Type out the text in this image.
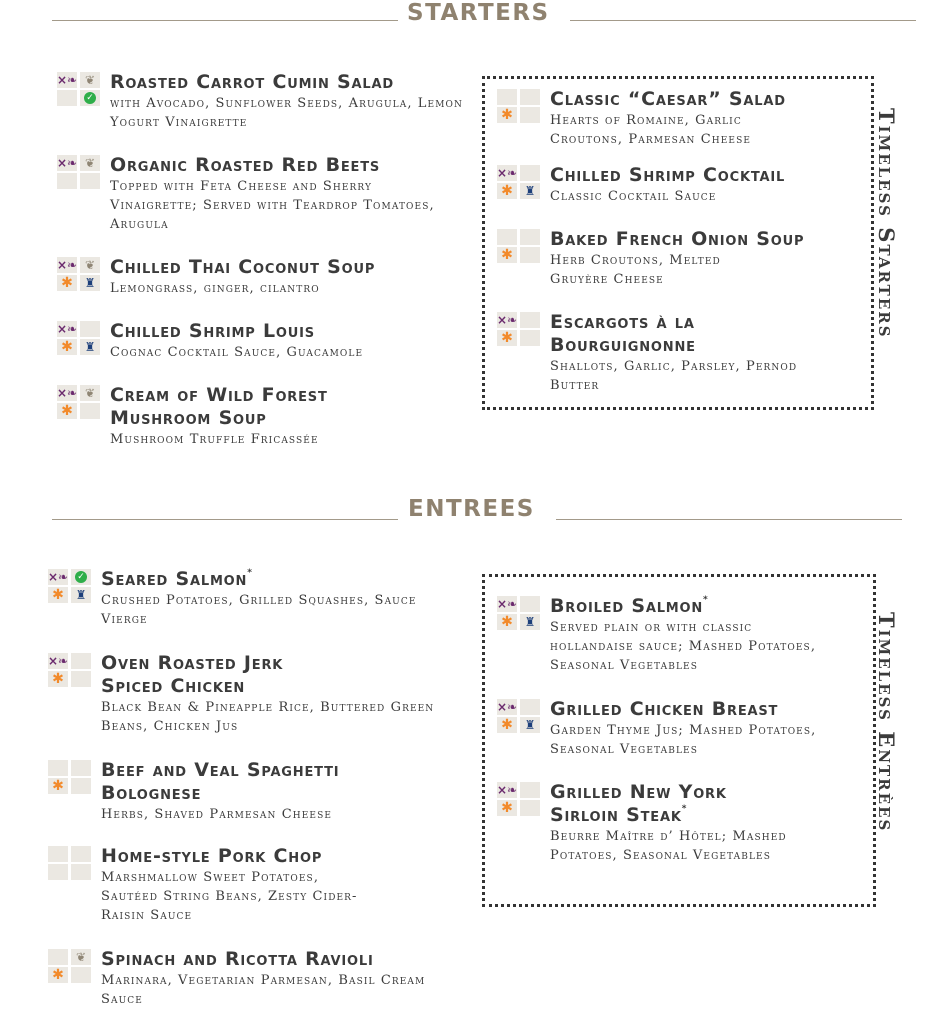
STARTERS
×❧ ❦
✓
Roasted Carrot Cumin Salad
with Avocado, Sunflower Seeds, Arugula, Lemon Yogurt Vinaigrette
×❧ ❦ Organic Roasted Red Beets
Topped with Feta Cheese and Sherry Vinaigrette; Served with Teardrop Tomatoes, Arugula
×❧ ❦
✱ ♜
Chilled Thai Coconut Soup
Lemongrass, ginger, cilantro
×❧
✱ ♜
Chilled Shrimp Louis
Cognac Cocktail Sauce, Guacamole
×❧ ❦
✱
Cream of Wild Forest Mushroom Soup
Mushroom Truffle Fricassée
Timeless Starters
✱
Classic “Caesar” Salad
Hearts of Romaine, Garlic Croutons, Parmesan Cheese
×❧
✱ ♜
Chilled Shrimp Cocktail
Classic Cocktail Sauce
✱
Baked French Onion Soup
Herb Croutons, Melted Gruyère Cheese
×❧
✱
Escargots à la Bourguignonne
Shallots, Garlic, Parsley, Pernod Butter
ENTREES
×❧ ✓
✱ ♜
Seared Salmon*
Crushed Potatoes, Grilled Squashes, Sauce Vierge
×❧
✱
Oven Roasted Jerk Spiced Chicken
Black Bean & Pineapple Rice, Buttered Green Beans, Chicken Jus
✱
Beef and Veal Spaghetti Bolognese
Herbs, Shaved Parmesan Cheese
Home-style Pork Chop
Marshmallow Sweet Potatoes, Sautéed String Beans, Zesty Cider-Raisin Sauce
❦
✱
Spinach and Ricotta Ravioli
Marinara, Vegetarian Parmesan, Basil Cream Sauce
Timeless Entrèes
×❧
✱ ♜
Broiled Salmon*
Served plain or with classic hollandaise sauce; Mashed Potatoes, Seasonal Vegetables
×❧
✱ ♜
Grilled Chicken Breast
Garden Thyme Jus; Mashed Potatoes, Seasonal Vegetables
×❧
✱
Grilled New York Sirloin Steak*
Beurre Maître d’ Hôtel; Mashed Potatoes, Seasonal Vegetables
